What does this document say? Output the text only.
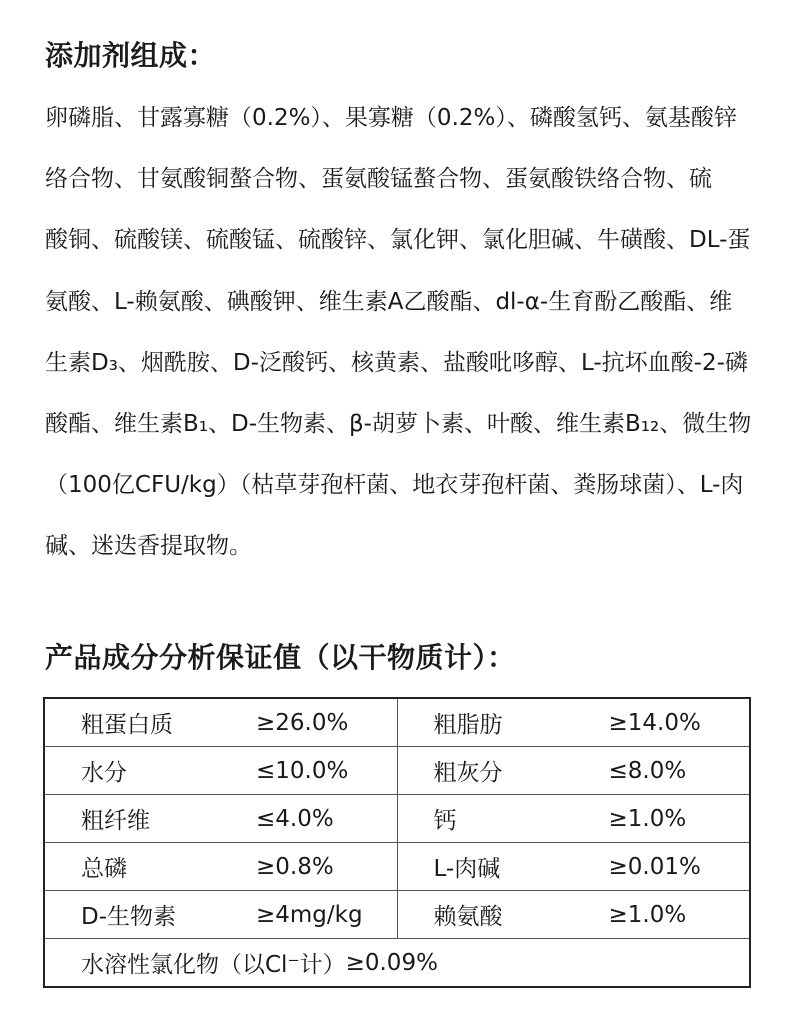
添加剂组成：

卵磷脂、甘露寡糖（0.2%）、果寡糖（0.2%）、磷酸氢钙、氨基酸锌
络合物、甘氨酸铜螯合物、蛋氨酸锰螯合物、蛋氨酸铁络合物、硫
酸铜、硫酸镁、硫酸锰、硫酸锌、氯化钾、氯化胆碱、牛磺酸、DL-蛋
氨酸、L-赖氨酸、碘酸钾、维生素A乙酸酯、dl-α-生育酚乙酸酯、维
生素D₃、烟酰胺、D-泛酸钙、核黄素、盐酸吡哆醇、L-抗坏血酸-2-磷
酸酯、维生素B₁、D-生物素、β-胡萝卜素、叶酸、维生素B₁₂、微生物
（100亿CFU/kg）（枯草芽孢杆菌、地衣芽孢杆菌、粪肠球菌）、L-肉
碱、迷迭香提取物。

产品成分分析保证值（以干物质计）：
粗蛋白质 ≥26.0%	粗脂肪 ≥14.0%

水分 ≤10.0%	粗灰分 ≤8.0%

粗纤维 ≤4.0%	钙 ≥1.0%

总磷 ≥0.8%	L-肉碱 ≥0.01%

D-生物素 ≥4mg/kg	赖氨酸 ≥1.0%

水溶性氯化物（以Cl⁻计） ≥0.09%	
